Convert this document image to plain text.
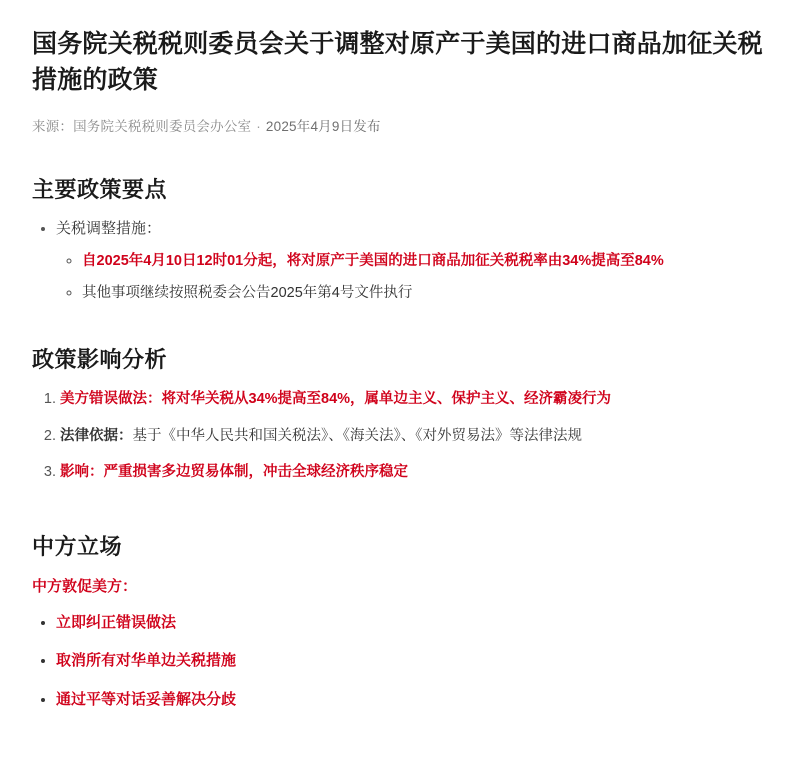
国务院关税税则委员会关于调整对原产于美国的进口商品加征关税措施的政策
来源：国务院关税税则委员会办公室 · 2025年4月9日发布
主要政策要点
• 关税调整措施：
◦ 自2025年4月10日12时01分起，将对原产于美国的进口商品加征关税税率由34%提高至84%
◦ 其他事项继续按照税委会公告2025年第4号文件执行
政策影响分析
1. 美方错误做法：将对华关税从34%提高至84%，属单边主义、保护主义、经济霸凌行为
2. 法律依据：基于《中华人民共和国关税法》、《海关法》、《对外贸易法》等法律法规
3. 影响：严重损害多边贸易体制，冲击全球经济秩序稳定
中方立场

中方敦促美方：

• 立即纠正错误做法
• 取消所有对华单边关税措施
• 通过平等对话妥善解决分歧
